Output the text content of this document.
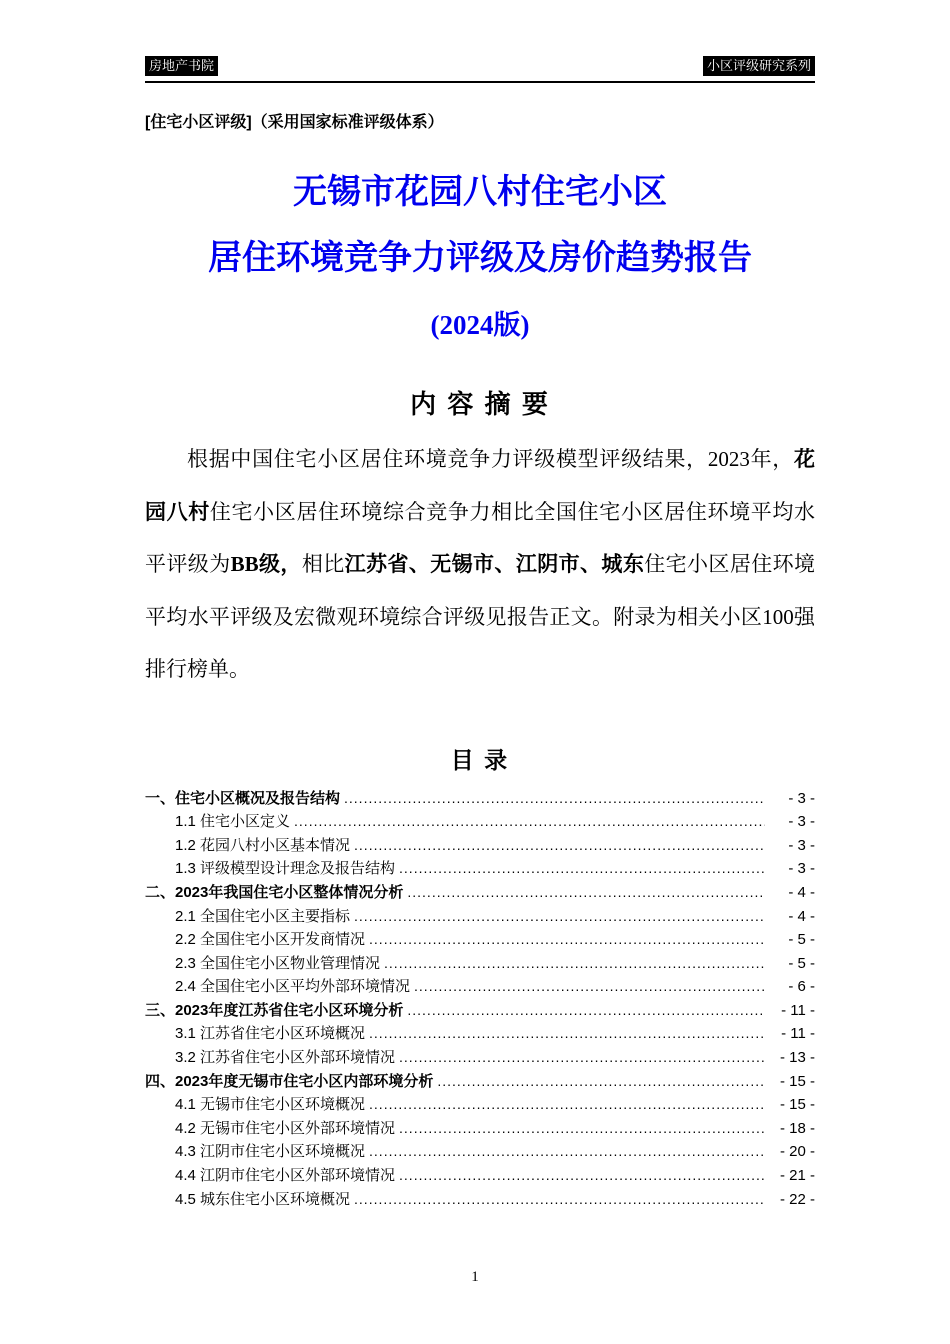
房地产书院	小区评级研究系列
[住宅小区评级]（采用国家标准评级体系）
无锡市花园八村住宅小区
居住环境竞争力评级及房价趋势报告
(2024版)
内 容 摘 要

根据中国住宅小区居住环境竞争力评级模型评级结果，2023年，花园八村住宅小区居住环境综合竞争力相比全国住宅小区居住环境平均水平评级为BB级，相比江苏省、无锡市、江阴市、城东住宅小区居住环境平均水平评级及宏微观环境综合评级见报告正文。附录为相关小区100强排行榜单。

目 录
一、住宅小区概况及报告结构 .....	- 3 -
1.1 住宅小区定义 .....	- 3 -
1.2 花园八村小区基本情况 .....	- 3 -
1.3 评级模型设计理念及报告结构 .....	- 3 -
二、2023年我国住宅小区整体情况分析 .....	- 4 -
2.1 全国住宅小区主要指标 .....	- 4 -
2.2 全国住宅小区开发商情况 .....	- 5 -
2.3 全国住宅小区物业管理情况 .....	- 5 -
2.4 全国住宅小区平均外部环境情况 .....	- 6 -
三、2023年度江苏省住宅小区环境分析 .....	- 11 -
3.1 江苏省住宅小区环境概况 .....	- 11 -
3.2 江苏省住宅小区外部环境情况 .....	- 13 -
四、2023年度无锡市住宅小区内部环境分析 .....	- 15 -
4.1 无锡市住宅小区环境概况 .....	- 15 -
4.2 无锡市住宅小区外部环境情况 .....	- 18 -
4.3 江阴市住宅小区环境概况 .....	- 20 -
4.4 江阴市住宅小区外部环境情况 .....	- 21 -
4.5 城东住宅小区环境概况 .....	- 22 -
1
